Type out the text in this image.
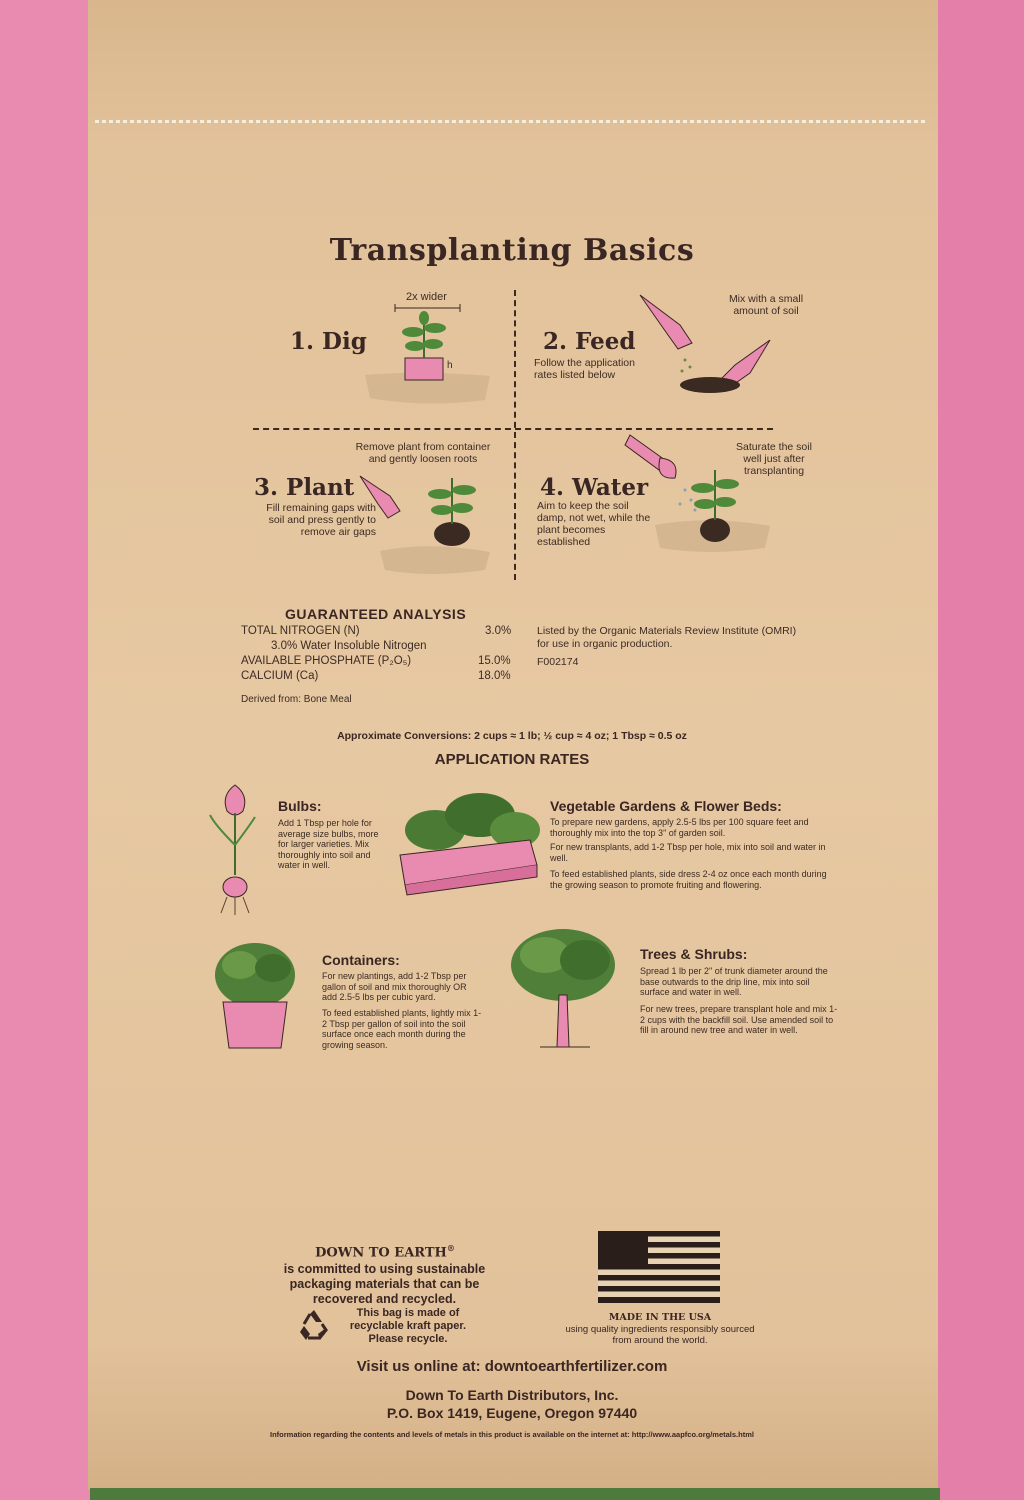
Transplanting Basics
1. Dig
2x wider
h
2. Feed
Mix with a small amount of soil
Follow the application rates listed below
3. Plant
Remove plant from container and gently loosen roots
Fill remaining gaps with soil and press gently to remove air gaps
4. Water
Saturate the soil well just after transplanting
Aim to keep the soil damp, not wet, while the plant becomes established
GUARANTEED ANALYSIS
TOTAL NITROGEN (N)	3.0%
3.0% Water Insoluble Nitrogen
AVAILABLE PHOSPHATE (P₂O₅)	15.0%
CALCIUM (Ca)	18.0%
Derived from: Bone Meal
Listed by the Organic Materials Review Institute (OMRI) for use in organic production.
F002174
Approximate Conversions: 2 cups ≈ 1 lb; ½ cup ≈ 4 oz; 1 Tbsp ≈ 0.5 oz
APPLICATION RATES
Bulbs:
Add 1 Tbsp per hole for average size bulbs, more for larger varieties. Mix thoroughly into soil and water in well.
Vegetable Gardens & Flower Beds:
To prepare new gardens, apply 2.5-5 lbs per 100 square feet and thoroughly mix into the top 3" of garden soil.
For new transplants, add 1-2 Tbsp per hole, mix into soil and water in well.
To feed established plants, side dress 2-4 oz once each month during the growing season to promote fruiting and flowering.
Containers:
For new plantings, add 1-2 Tbsp per gallon of soil and mix thoroughly OR add 2.5-5 lbs per cubic yard.
To feed established plants, lightly mix 1-2 Tbsp per gallon of soil into the soil surface once each month during the growing season.
Trees & Shrubs:
Spread 1 lb per 2" of trunk diameter around the base outwards to the drip line, mix into soil surface and water in well.
For new trees, prepare transplant hole and mix 1-2 cups with the backfill soil. Use amended soil to fill in around new tree and water in well.
DOWN TO EARTH®
is committed to using sustainable packaging materials that can be recovered and recycled.
This bag is made of recyclable kraft paper. Please recycle.
MADE IN THE USA
using quality ingredients responsibly sourced from around the world.
Visit us online at: downtoearthfertilizer.com
Down To Earth Distributors, Inc.
P.O. Box 1419, Eugene, Oregon 97440
Information regarding the contents and levels of metals in this product is available on the internet at: http://www.aapfco.org/metals.html
